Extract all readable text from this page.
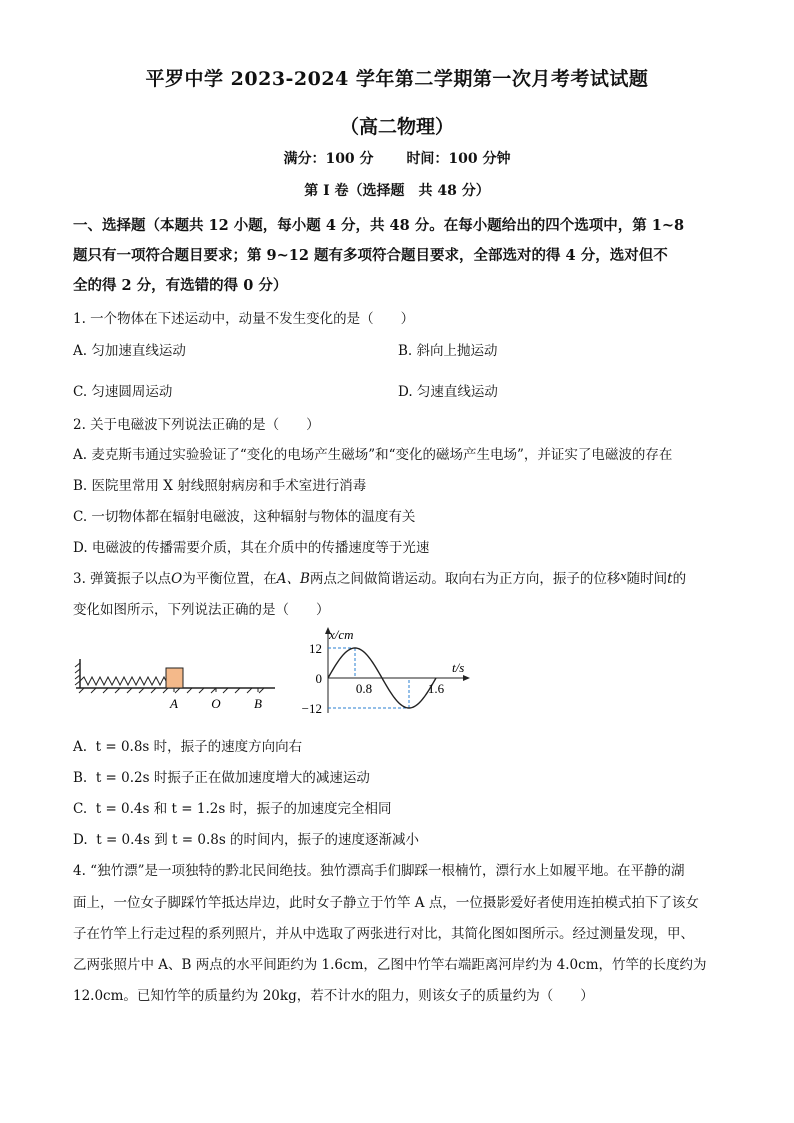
平罗中学 2023-2024 学年第二学期第一次月考考试试题
（高二物理）
满分：100 分 时间：100 分钟
第 I 卷（选择题　共 48 分）
一、选择题（本题共 12 小题，每小题 4 分，共 48 分。在每小题给出的四个选项中，第 1~8
题只有一项符合题目要求；第 9~12 题有多项符合题目要求，全部选对的得 4 分，选对但不
全的得 2 分，有选错的得 0 分）
1. 一个物体在下述运动中，动量不发生变化的是（　　）
A. 匀加速直线运动	B. 斜向上抛运动
C. 匀速圆周运动	D. 匀速直线运动
2. 关于电磁波下列说法正确的是（　　）
A. 麦克斯韦通过实验验证了“变化的电场产生磁场”和“变化的磁场产生电场”，并证实了电磁波的存在
B. 医院里常用 X 射线照射病房和手术室进行消毒
C. 一切物体都在辐射电磁波，这种辐射与物体的温度有关
D. 电磁波的传播需要介质，其在介质中的传播速度等于光速
3. 弹簧振子以点O为平衡位置，在A、B两点之间做简谐运动。取向右为正方向，振子的位移$^x$随时间t的
变化如图所示，下列说法正确的是（　　）
A	O	B
x/cm
t/s
12
0
−12
0.8	1.6
A. t = 0.8s 时，振子的速度方向向右
B. t = 0.2s 时振子正在做加速度增大的减速运动
C. t = 0.4s 和 t = 1.2s 时，振子的加速度完全相同
D. t = 0.4s 到 t = 0.8s 的时间内，振子的速度逐渐减小
4. “独竹漂”是一项独特的黔北民间绝技。独竹漂高手们脚踩一根楠竹，漂行水上如履平地。在平静的湖
面上，一位女子脚踩竹竿抵达岸边，此时女子静立于竹竿 A 点，一位摄影爱好者使用连拍模式拍下了该女
子在竹竿上行走过程的系列照片，并从中选取了两张进行对比，其简化图如图所示。经过测量发现，甲、
乙两张照片中 A、B 两点的水平间距约为 1.6cm，乙图中竹竿右端距离河岸约为 4.0cm，竹竿的长度约为
12.0cm。已知竹竿的质量约为 20kg，若不计水的阻力，则该女子的质量约为（　　）
